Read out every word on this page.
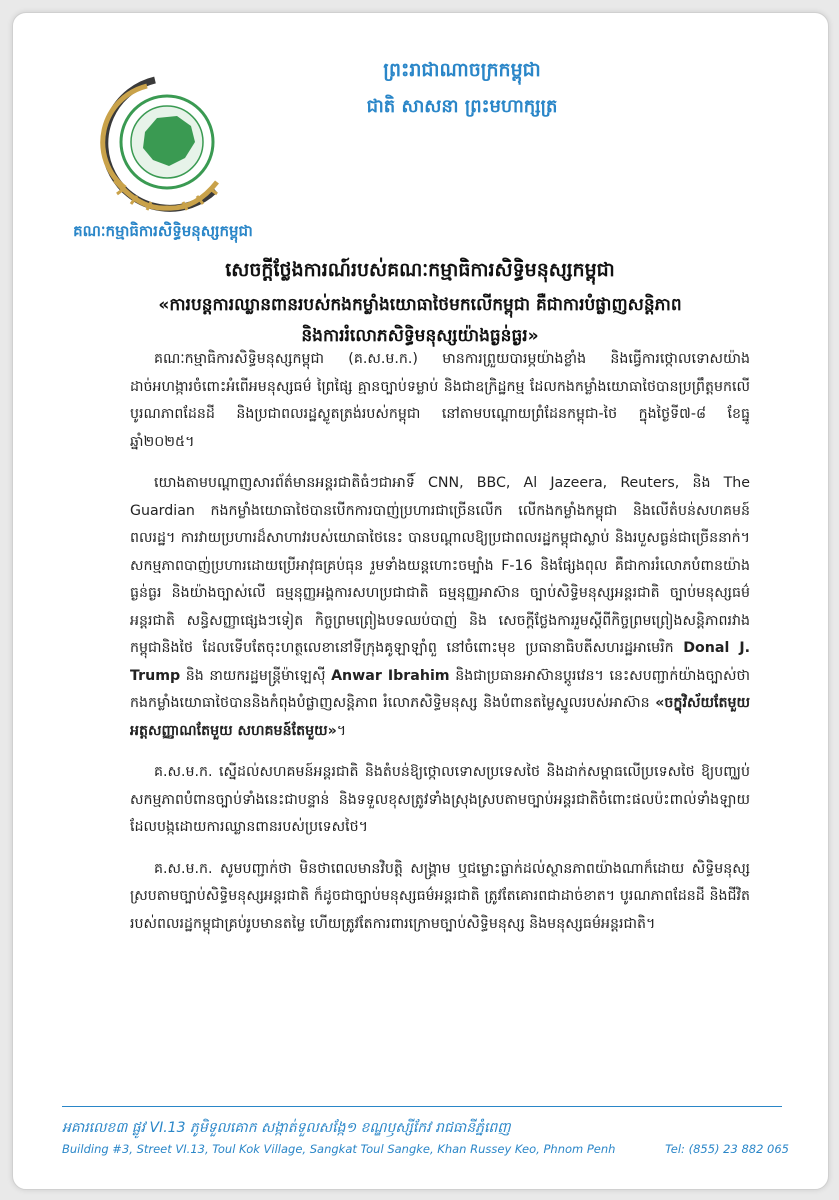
គណៈកម្មាធិការសិទ្ធិមនុស្សកម្ពុជា
ព្រះរាជាណាចក្រកម្ពុជា
ជាតិ សាសនា ព្រះមហាក្សត្រ
សេចក្តីថ្លែងការណ៍របស់គណៈកម្មាធិការសិទ្ធិមនុស្សកម្ពុជា
«ការបន្តការឈ្លានពានរបស់កងកម្លាំងយោធាថៃមកលើកម្ពុជា គឺជាការបំផ្លាញសន្តិភាព
និងការរំលោភសិទ្ធិមនុស្សយ៉ាងធ្ងន់ធ្ងរ»

គណៈកម្មាធិការសិទ្ធិមនុស្សកម្ពុជា (គ.ស.ម.ក.) មានការព្រួយបារម្ភយ៉ាងខ្លាំង និងធ្វើការថ្កោលទោសយ៉ាងដាច់អហង្ការចំពោះអំពើអមនុស្សធម៌ ព្រៃផ្សៃ គ្មានច្បាប់ទម្លាប់ និងជាឧក្រិដ្ឋកម្ម ដែលកងកម្លាំងយោធាថៃបានប្រព្រឹត្តមកលើបូរណភាពដែនដី និងប្រជាពលរដ្ឋស្លូតត្រង់របស់កម្ពុជា នៅតាមបណ្តោយព្រំដែនកម្ពុជា-ថៃ ក្នុងថ្ងៃទី៧-៨ ខែធ្នូ ឆ្នាំ២០២៥។

យោងតាមបណ្តាញសារព័ត៌មានអន្តរជាតិធំៗជាអាទិ៍ CNN, BBC, Al Jazeera, Reuters, និង The Guardian កងកម្លាំងយោធាថៃបានបើកការបាញ់ប្រហារជាច្រើនលើក លើកងកម្លាំងកម្ពុជា និងលើតំបន់សហគមន៍ពលរដ្ឋ។ ការវាយប្រហារដ៏សាហាវរបស់យោធាថៃនេះ បានបណ្តាលឱ្យប្រជាពលរដ្ឋកម្ពុជាស្លាប់ និងរបួសធ្ងន់ជាច្រើននាក់។ សកម្មភាពបាញ់ប្រហារដោយប្រើអាវុធគ្រប់ធុន រួមទាំងយន្តហោះចម្បាំង F-16 និងផ្សែងពុល គឺជាការរំលោភបំពានយ៉ាងធ្ងន់ធ្ងរ និងយ៉ាងច្បាស់លើ ធម្មនុញ្ញអង្គការសហប្រជាជាតិ ធម្មនុញ្ញអាស៊ាន ច្បាប់សិទ្ធិមនុស្សអន្តរជាតិ ច្បាប់មនុស្សធម៌អន្តរជាតិ សន្ធិសញ្ញាផ្សេងៗទៀត កិច្ចព្រមព្រៀងបទឈប់បាញ់ និង សេចក្តីថ្លែងការរួមស្តីពីកិច្ចព្រមព្រៀងសន្តិភាពរវាងកម្ពុជានិងថៃ ដែលទើបតែចុះហត្ថលេខានៅទីក្រុងគូឡាឡាំពួ នៅចំពោះមុខ ប្រធានាធិបតីសហរដ្ឋអាមេរិក Donal J. Trump និង នាយករដ្ឋមន្ត្រីម៉ាឡេស៊ី Anwar Ibrahim និងជាប្រធានអាស៊ានប្តូរវេន។ នេះសបញ្ជាក់យ៉ាងច្បាស់ថា កងកម្លាំងយោធាថៃបាននិងកំពុងបំផ្លាញសន្តិភាព រំលោភសិទ្ធិមនុស្ស និងបំពានតម្លៃស្នូលរបស់អាស៊ាន «ចក្ខុវិស័យតែមួយ អត្តសញ្ញាណតែមួយ សហគមន៍តែមួយ»។

គ.ស.ម.ក. ស្នើដល់សហគមន៍អន្តរជាតិ និងតំបន់ឱ្យថ្កោលទោសប្រទេសថៃ និងដាក់សម្ពាធលើប្រទេសថៃ ឱ្យបញ្ឈប់សកម្មភាពបំពានច្បាប់ទាំងនេះជាបន្ទាន់ និងទទួលខុសត្រូវទាំងស្រុងស្របតាមច្បាប់អន្តរជាតិចំពោះផលប៉ះពាល់ទាំងឡាយដែលបង្កដោយការឈ្លានពានរបស់ប្រទេសថៃ។

គ.ស.ម.ក. សូមបញ្ជាក់ថា មិនថាពេលមានវិបត្តិ សង្គ្រាម ឬជម្លោះធ្លាក់ដល់ស្ថានភាពយ៉ាងណាក៏ដោយ សិទ្ធិមនុស្សស្របតាមច្បាប់សិទ្ធិមនុស្សអន្តរជាតិ ក៏ដូចជាច្បាប់មនុស្សធម៌អន្តរជាតិ ត្រូវតែគោរពជាដាច់ខាត។ បូរណភាពដែនដី និងជីវិតរបស់ពលរដ្ឋកម្ពុជាគ្រប់រូបមានតម្លៃ ហើយត្រូវតែការពារក្រោមច្បាប់សិទ្ធិមនុស្ស និងមនុស្សធម៌អន្តរជាតិ។

អគារលេខ៣ ផ្លូវ VI.13 ភូមិទួលគោក សង្កាត់ទួលសង្កែ១ ខណ្ឌឫស្សីកែវ រាជធានីភ្នំពេញ
Building #3, Street VI.13, Toul Kok Village, Sangkat Toul Sangke, Khan Russey Keo, Phnom Penh	Tel: (855) 23 882 065
